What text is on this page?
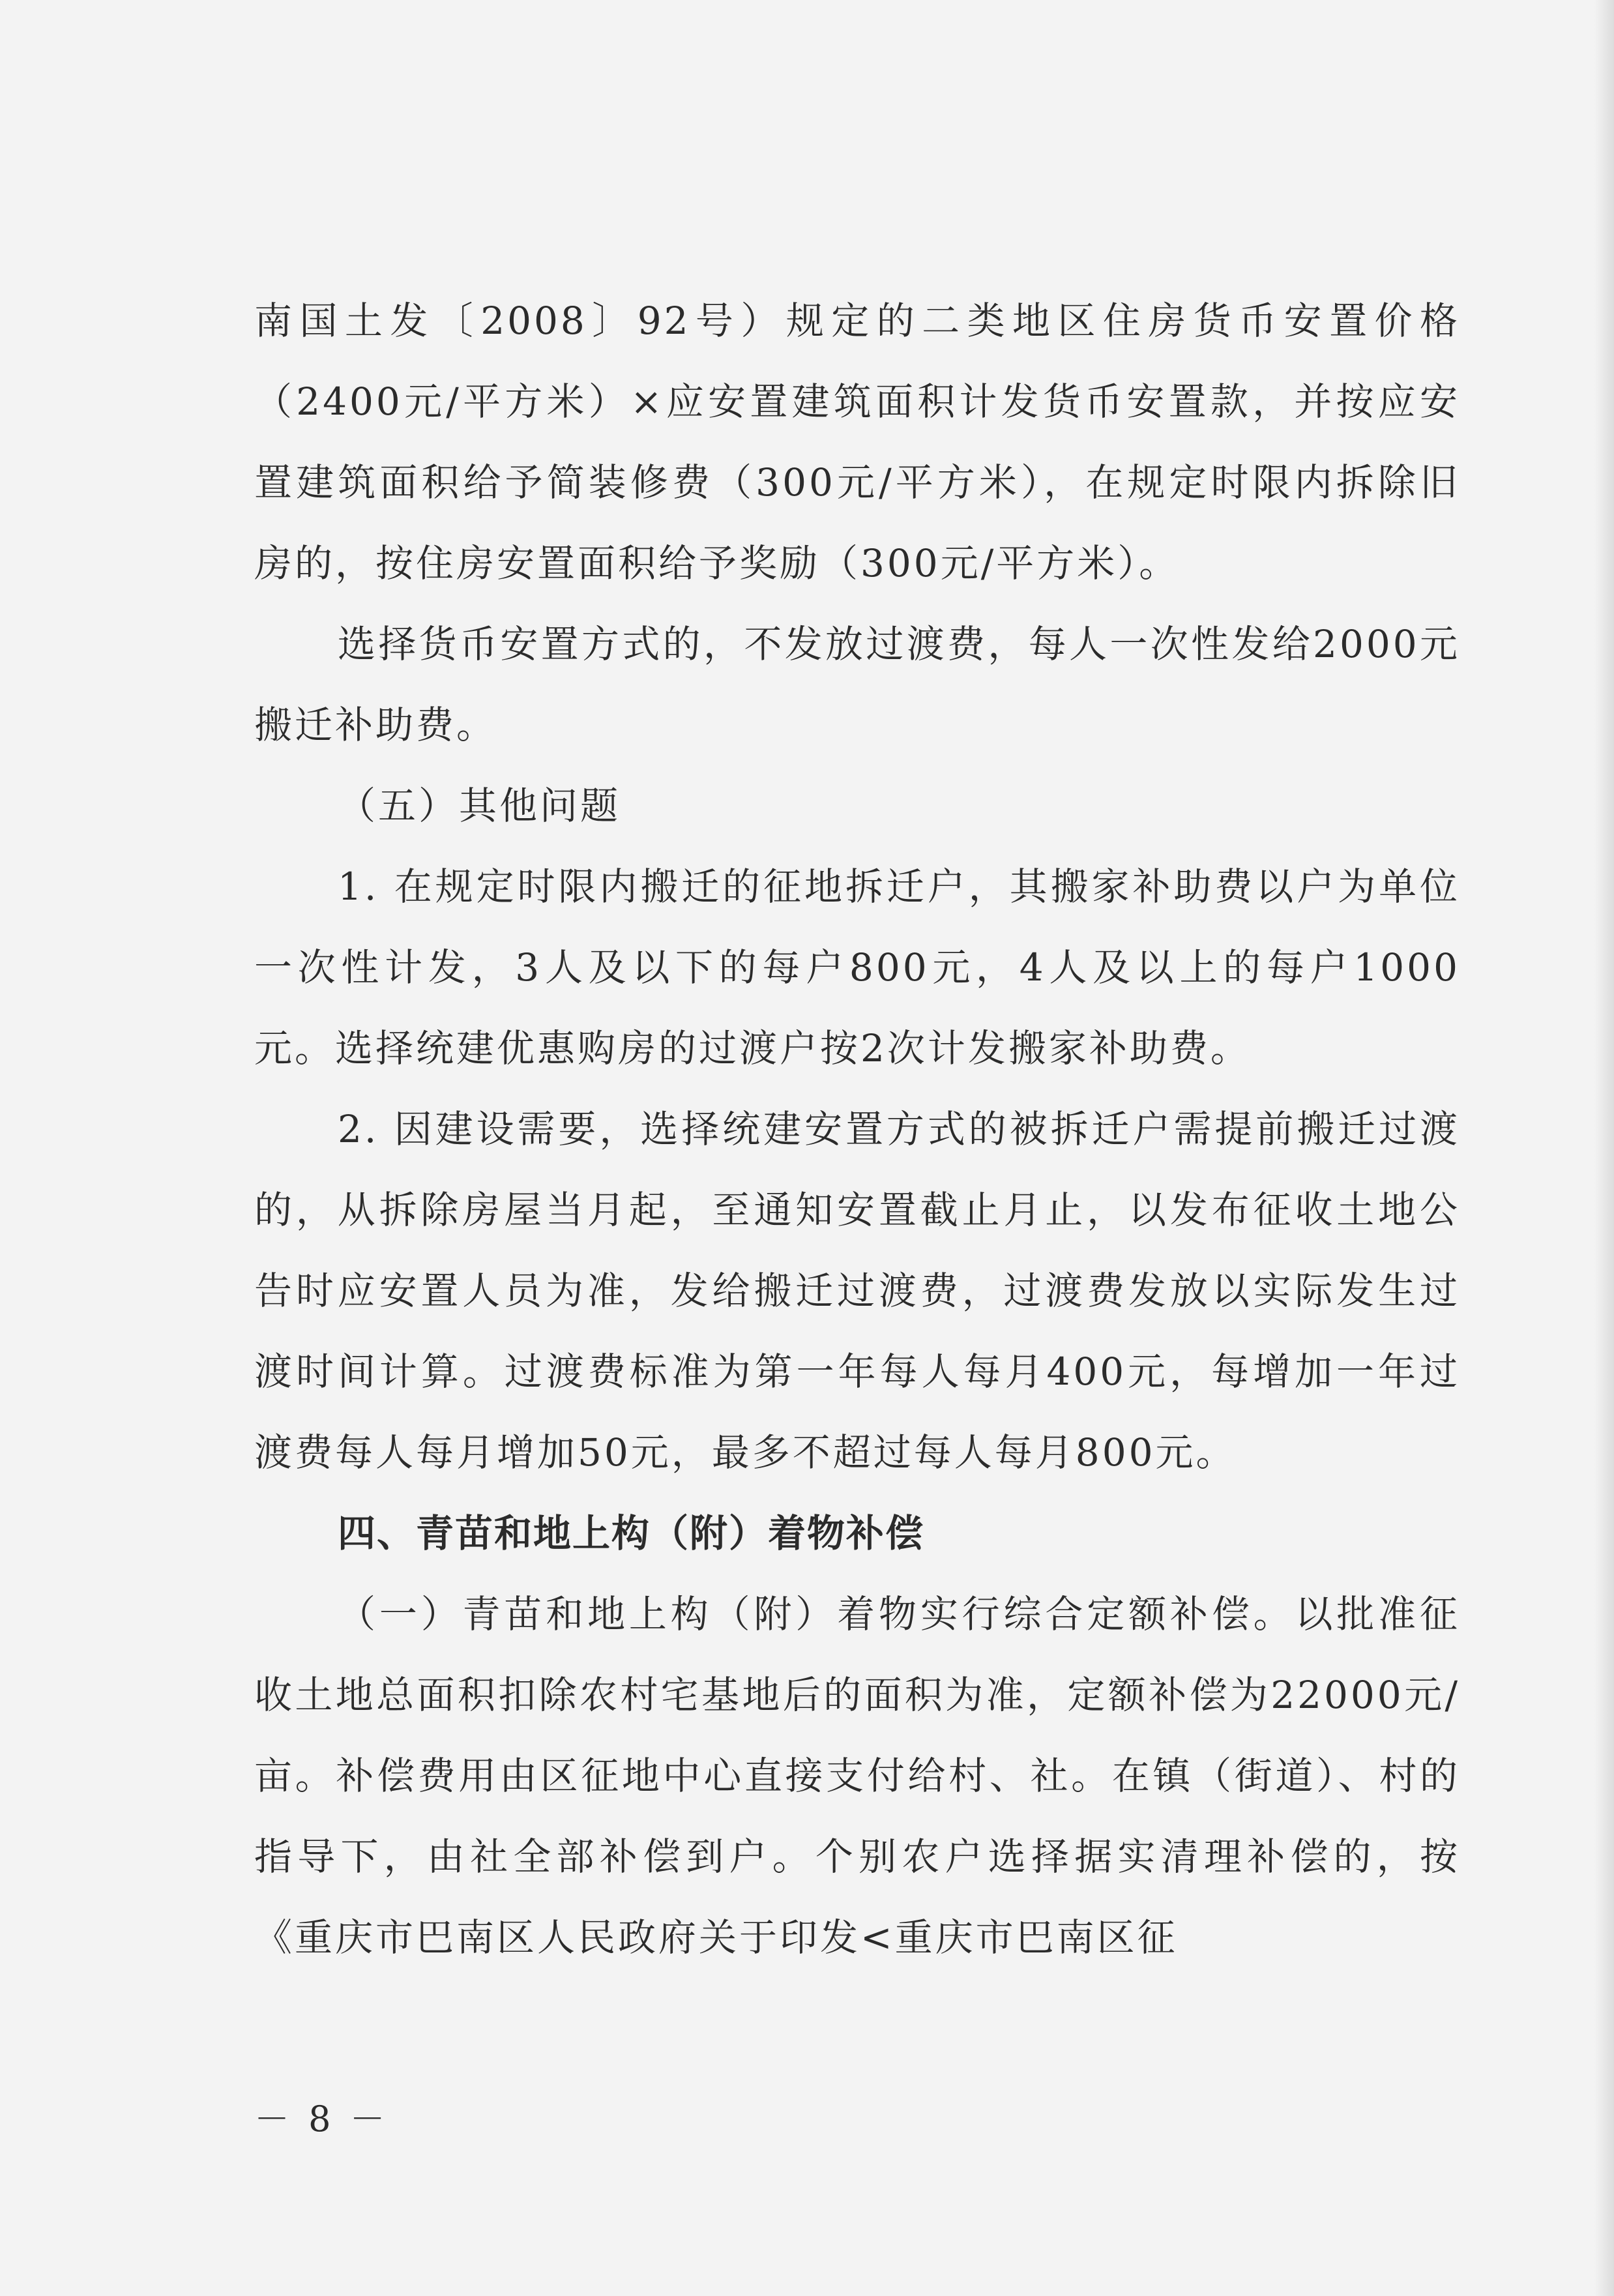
南国土发〔2008〕92号）规定的二类地区住房货币安置价格（2400元/平方米）×应安置建筑面积计发货币安置款，并按应安置建筑面积给予简装修费（300元/平方米），在规定时限内拆除旧房的，按住房安置面积给予奖励（300元/平方米）。

选择货币安置方式的，不发放过渡费，每人一次性发给2000元搬迁补助费。

（五）其他问题

1. 在规定时限内搬迁的征地拆迁户，其搬家补助费以户为单位一次性计发，3人及以下的每户800元，4人及以上的每户1000元。选择统建优惠购房的过渡户按2次计发搬家补助费。

2. 因建设需要，选择统建安置方式的被拆迁户需提前搬迁过渡的，从拆除房屋当月起，至通知安置截止月止，以发布征收土地公告时应安置人员为准，发给搬迁过渡费，过渡费发放以实际发生过渡时间计算。过渡费标准为第一年每人每月400元，每增加一年过渡费每人每月增加50元，最多不超过每人每月800元。

四、青苗和地上构（附）着物补偿

（一）青苗和地上构（附）着物实行综合定额补偿。以批准征收土地总面积扣除农村宅基地后的面积为准，定额补偿为22000元/亩。补偿费用由区征地中心直接支付给村、社。在镇（街道）、村的指导下，由社全部补偿到户。个别农户选择据实清理补偿的，按《重庆市巴南区人民政府关于印发<重庆市巴南区征

－ 8 －
